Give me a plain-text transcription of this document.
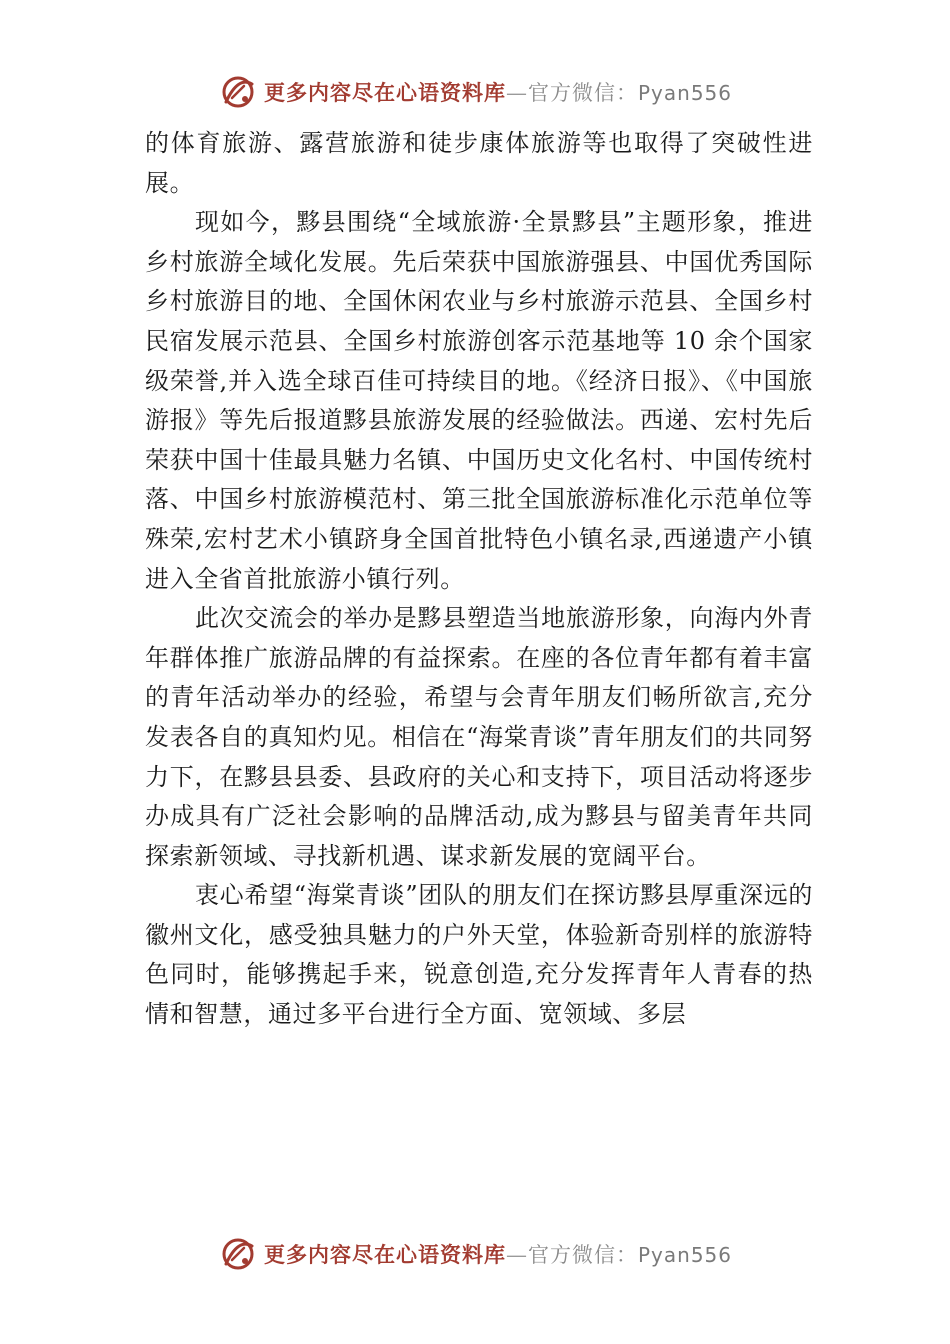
更多内容尽在心语资料库—官方微信：Pyan556

的体育旅游、露营旅游和徒步康体旅游等也取得了突破性进展。

现如今，黟县围绕“全域旅游·全景黟县”主题形象，推进乡村旅游全域化发展。先后荣获中国旅游强县、中国优秀国际乡村旅游目的地、全国休闲农业与乡村旅游示范县、全国乡村民宿发展示范县、全国乡村旅游创客示范基地等 10 余个国家级荣誉,并入选全球百佳可持续目的地。《经济日报》、《中国旅游报》等先后报道黟县旅游发展的经验做法。西递、宏村先后荣获中国十佳最具魅力名镇、中国历史文化名村、中国传统村落、中国乡村旅游模范村、第三批全国旅游标准化示范单位等殊荣,宏村艺术小镇跻身全国首批特色小镇名录,西递遗产小镇进入全省首批旅游小镇行列。

此次交流会的举办是黟县塑造当地旅游形象，向海内外青年群体推广旅游品牌的有益探索。在座的各位青年都有着丰富的青年活动举办的经验，希望与会青年朋友们畅所欲言,充分发表各自的真知灼见。相信在“海棠青谈”青年朋友们的共同努力下，在黟县县委、县政府的关心和支持下，项目活动将逐步办成具有广泛社会影响的品牌活动,成为黟县与留美青年共同探索新领域、寻找新机遇、谋求新发展的宽阔平台。

衷心希望“海棠青谈”团队的朋友们在探访黟县厚重深远的徽州文化，感受独具魅力的户外天堂，体验新奇别样的旅游特色同时，能够携起手来，锐意创造,充分发挥青年人青春的热情和智慧，通过多平台进行全方面、宽领域、多层

更多内容尽在心语资料库—官方微信：Pyan556
